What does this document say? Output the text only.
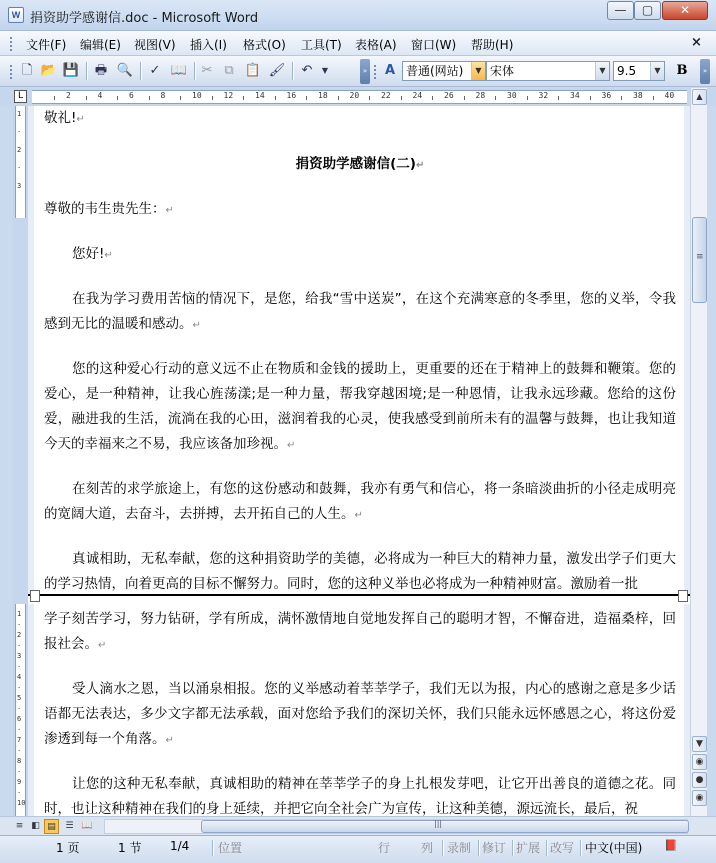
W 捐资助学感谢信.doc - Microsoft Word
—	▢	✕
文件(F) 编辑(E) 视图(V) 插入(I) 格式(O) 工具(T) 表格(A) 窗口(W) 帮助(H)	×
🗋 📂 💾 🖶 🔍 ✓ 📖 ✂ ⧉ 📋 🖌 ↶	▼	»	A 普通(网站)	▼ 宋体	▼ 9.5	▼	B	»
L	2	4	6	8	10	12	14	16	18	20	22	24	26	28	30	32	34	36	38	40
1
·
2
·
3
1
·
2
·
3
·
4
·
5
·
6
·
7
·
8
·
9
·
10
敬礼!↵
捐资助学感谢信(二)↵
尊敬的韦生贵先生：↵
您好!↵
在我为学习费用苦恼的情况下，是您，给我“雪中送炭”，在这个充满寒意的冬季里，您的义举，令我感到无比的温暖和感动。↵
您的这种爱心行动的意义远不止在物质和金钱的援助上，更重要的还在于精神上的鼓舞和鞭策。您的爱心，是一种精神，让我心旌荡漾;是一种力量，帮我穿越困境;是一种恩情，让我永远珍藏。您给的这份爱，融进我的生活，流淌在我的心田，滋润着我的心灵，使我感受到前所未有的温馨与鼓舞，也让我知道今天的幸福来之不易，我应该备加珍视。↵
在刻苦的求学旅途上，有您的这份感动和鼓舞，我亦有勇气和信心，将一条暗淡曲折的小径走成明亮的宽阔大道，去奋斗，去拼搏，去开拓自己的人生。↵
真诚相助，无私奉献，您的这种捐资助学的美德，必将成为一种巨大的精神力量，激发出学子们更大的学习热情，向着更高的目标不懈努力。同时，您的这种义举也必将成为一种精神财富。激励着一批
学子刻苦学习，努力钻研，学有所成，满怀激情地自觉地发挥自己的聪明才智，不懈奋进，造福桑梓，回报社会。↵
受人滴水之恩，当以涌泉相报。您的义举感动着莘莘学子，我们无以为报，内心的感谢之意是多少话语都无法表达，多少文字都无法承载，面对您给予我们的深切关怀，我们只能永远怀感恩之心，将这份爱渗透到每一个角落。↵
让您的这种无私奉献，真诚相助的精神在莘莘学子的身上扎根发芽吧，让它开出善良的道德之花。同时，也让这种精神在我们的身上延续，并把它向全社会广为宣传，让这种美德，源远流长，最后，祝
▲
≡
▼
◉
●
◉
≡ ◧ ▤	☰ 📖
|||
1 页	1 节 1/4 位置	行	列 录制 修订 扩展 改写 中文(中国) 📕
